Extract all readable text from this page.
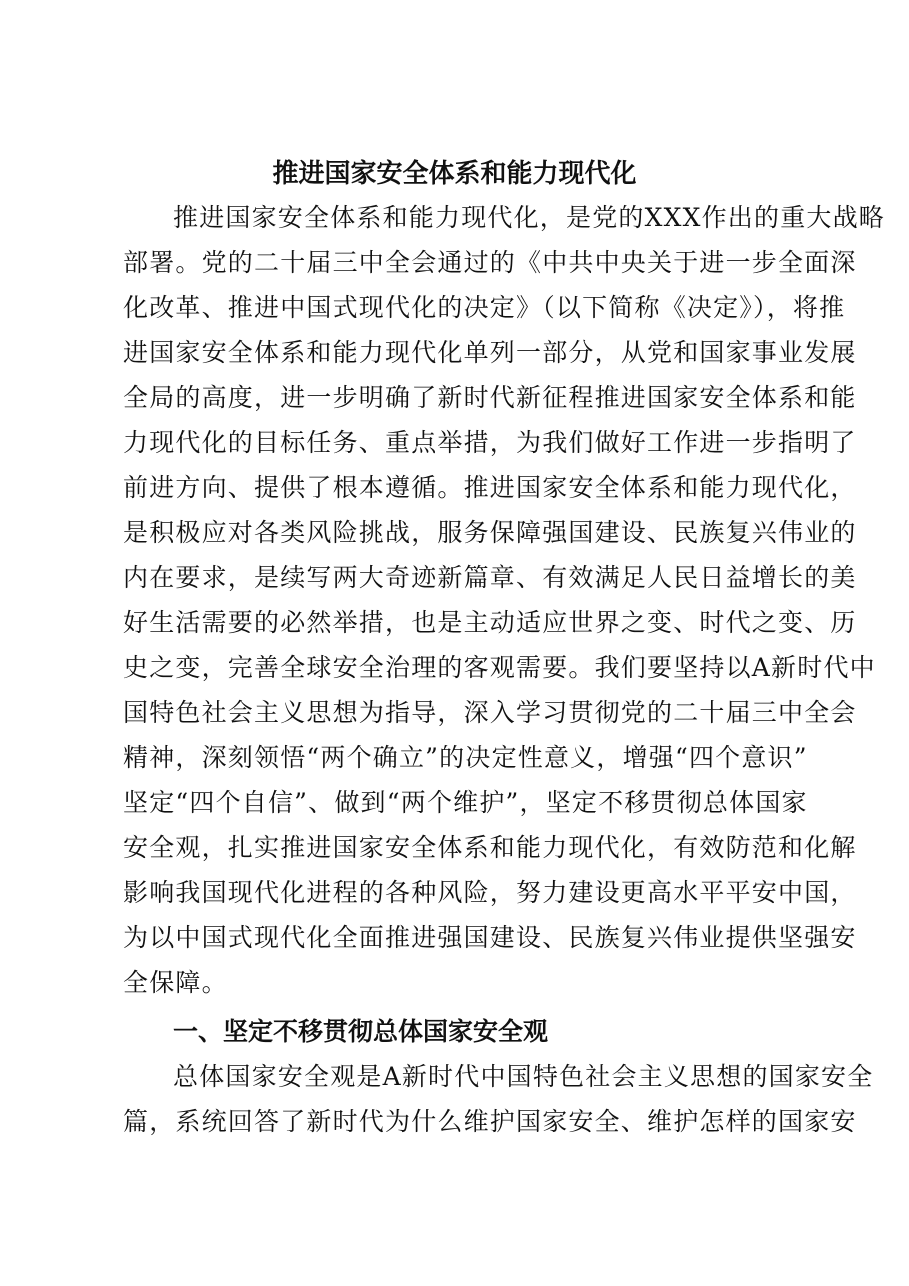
推进国家安全体系和能力现代化
推进国家安全体系和能力现代化，是党的XXX作出的重大战略
部署。党的二十届三中全会通过的《中共中央关于进一步全面深
化改革、推进中国式现代化的决定》（以下简称《决定》），将推
进国家安全体系和能力现代化单列一部分，从党和国家事业发展
全局的高度，进一步明确了新时代新征程推进国家安全体系和能
力现代化的目标任务、重点举措，为我们做好工作进一步指明了
前进方向、提供了根本遵循。推进国家安全体系和能力现代化，
是积极应对各类风险挑战，服务保障强国建设、民族复兴伟业的
内在要求，是续写两大奇迹新篇章、有效满足人民日益增长的美
好生活需要的必然举措，也是主动适应世界之变、时代之变、历
史之变，完善全球安全治理的客观需要。我们要坚持以A新时代中
国特色社会主义思想为指导，深入学习贯彻党的二十届三中全会
精神，深刻领悟“两个确立”的决定性意义，增强“四个意识”
坚定“四个自信”、做到“两个维护”，坚定不移贯彻总体国家
安全观，扎实推进国家安全体系和能力现代化，有效防范和化解
影响我国现代化进程的各种风险，努力建设更高水平平安中国，
为以中国式现代化全面推进强国建设、民族复兴伟业提供坚强安
全保障。
一、坚定不移贯彻总体国家安全观
总体国家安全观是A新时代中国特色社会主义思想的国家安全
篇，系统回答了新时代为什么维护国家安全、维护怎样的国家安
